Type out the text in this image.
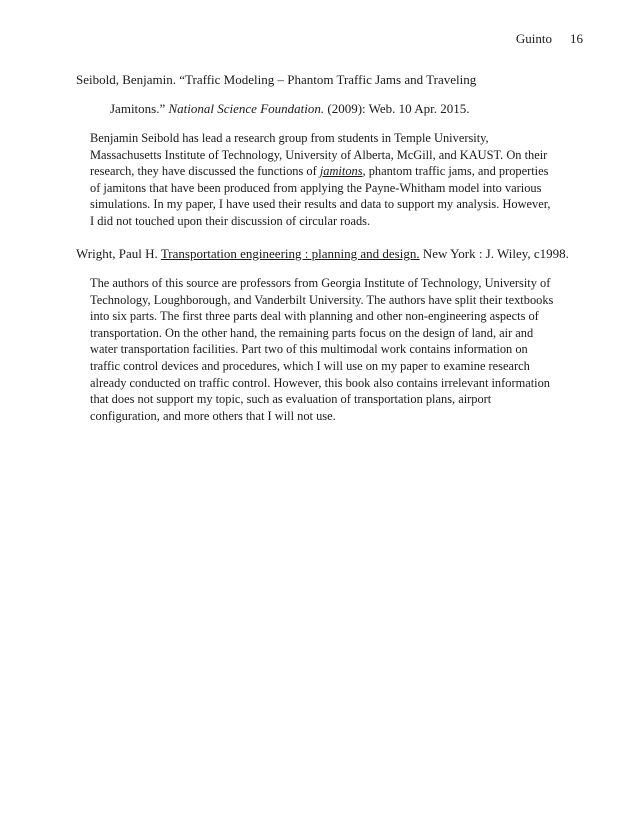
Guinto 16
Seibold, Benjamin. “Traffic Modeling – Phantom Traffic Jams and Traveling
Jamitons.” National Science Foundation. (2009): Web. 10 Apr. 2015.
Benjamin Seibold has lead a research group from students in Temple University,
Massachusetts Institute of Technology, University of Alberta, McGill, and KAUST. On their
research, they have discussed the functions of jamitons, phantom traffic jams, and properties
of jamitons that have been produced from applying the Payne-Whitham model into various
simulations. In my paper, I have used their results and data to support my analysis. However,
I did not touched upon their discussion of circular roads.
Wright, Paul H. Transportation engineering : planning and design. New York : J. Wiley, c1998.
The authors of this source are professors from Georgia Institute of Technology, University of
Technology, Loughborough, and Vanderbilt University. The authors have split their textbooks
into six parts. The first three parts deal with planning and other non-engineering aspects of
transportation. On the other hand, the remaining parts focus on the design of land, air and
water transportation facilities. Part two of this multimodal work contains information on
traffic control devices and procedures, which I will use on my paper to examine research
already conducted on traffic control. However, this book also contains irrelevant information
that does not support my topic, such as evaluation of transportation plans, airport
configuration, and more others that I will not use.
